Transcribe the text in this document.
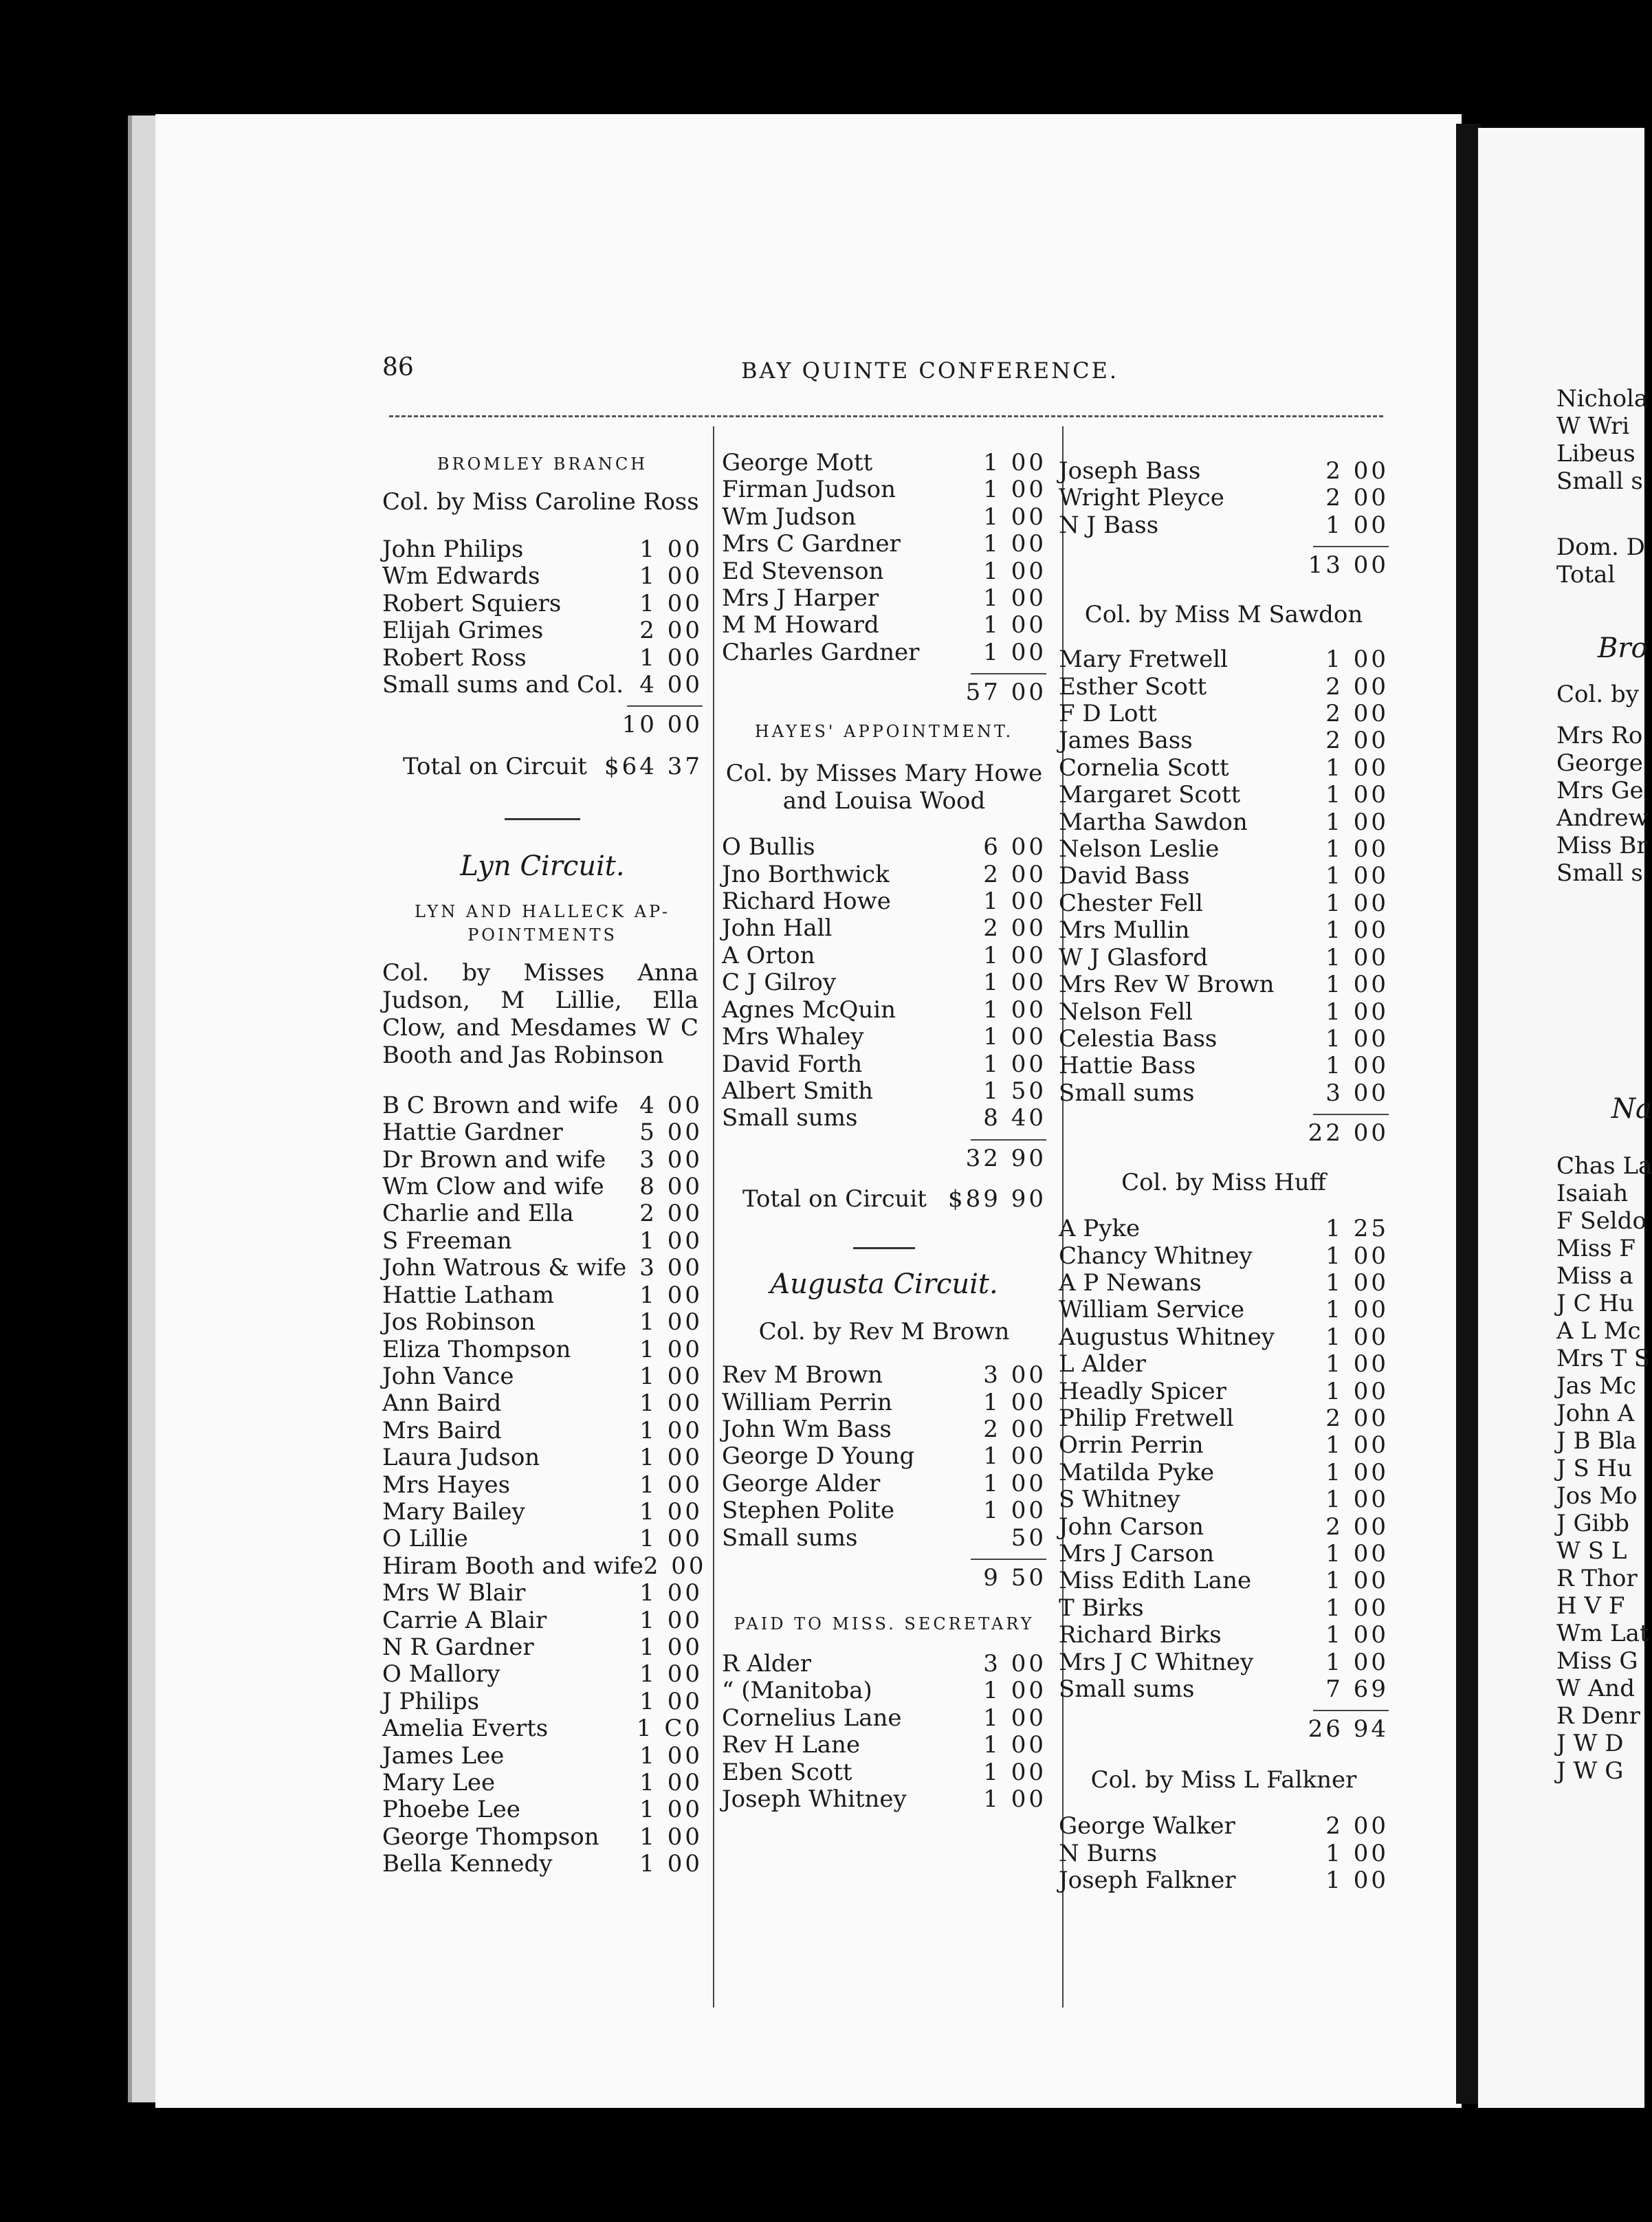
86	BAY QUINTE CONFERENCE.
BROMLEY BRANCH
Col. by Miss Caroline Ross
John Philips	1 00
Wm Edwards	1 00
Robert Squiers	1 00
Elijah Grimes	2 00
Robert Ross	1 00
Small sums and Col. 4 00
10 00
Total on Circuit $64 37
Lyn Circuit.
LYN AND HALLECK AP-
POINTMENTS
Col. by Misses Anna Judson, M Lillie, Ella Clow, and Mesdames W C Booth and Jas Robinson
B C Brown and wife 4 00
Hattie Gardner	5 00
Dr Brown and wife 3 00
Wm Clow and wife 8 00
Charlie and Ella	2 00
S Freeman	1 00
John Watrous & wife 3 00
Hattie Latham	1 00
Jos Robinson	1 00
Eliza Thompson	1 00
John Vance	1 00
Ann Baird	1 00
Mrs Baird	1 00
Laura Judson	1 00
Mrs Hayes	1 00
Mary Bailey	1 00
O Lillie	1 00
Hiram Booth and wife 2 00
Mrs W Blair	1 00
Carrie A Blair	1 00
N R Gardner	1 00
O Mallory	1 00
J Philips	1 00
Amelia Everts	1 C0
James Lee	1 00
Mary Lee	1 00
Phoebe Lee	1 00
George Thompson 1 00
Bella Kennedy	1 00
George Mott	1 00
Firman Judson	1 00
Wm Judson	1 00
Mrs C Gardner	1 00
Ed Stevenson	1 00
Mrs J Harper	1 00
M M Howard	1 00
Charles Gardner	1 00
57 00
HAYES' APPOINTMENT.
Col. by Misses Mary Howe and Louisa Wood
O Bullis	6 00
Jno Borthwick	2 00
Richard Howe	1 00
John Hall	2 00
A Orton	1 00
C J Gilroy	1 00
Agnes McQuin	1 00
Mrs Whaley	1 00
David Forth	1 00
Albert Smith	1 50
Small sums	8 40
32 90
Total on Circuit $89 90
Augusta Circuit.
Col. by Rev M Brown
Rev M Brown	3 00
William Perrin	1 00
John Wm Bass	2 00
George D Young	1 00
George Alder	1 00
Stephen Polite	1 00
Small sums	50
9 50
PAID TO MISS. SECRETARY
R Alder	3 00
“ (Manitoba)	1 00
Cornelius Lane	1 00
Rev H Lane	1 00
Eben Scott	1 00
Joseph Whitney	1 00
Joseph Bass	2 00
Wright Pleyce	2 00
N J Bass	1 00
13 00
Col. by Miss M Sawdon
Mary Fretwell	1 00
Esther Scott	2 00
F D Lott	2 00
James Bass	2 00
Cornelia Scott	1 00
Margaret Scott	1 00
Martha Sawdon	1 00
Nelson Leslie	1 00
David Bass	1 00
Chester Fell	1 00
Mrs Mullin	1 00
W J Glasford	1 00
Mrs Rev W Brown 1 00
Nelson Fell	1 00
Celestia Bass	1 00
Hattie Bass	1 00
Small sums	3 00
22 00
Col. by Miss Huff
A Pyke	1 25
Chancy Whitney	1 00
A P Newans	1 00
William Service	1 00
Augustus Whitney 1 00
L Alder	1 00
Headly Spicer	1 00
Philip Fretwell	2 00
Orrin Perrin	1 00
Matilda Pyke	1 00
S Whitney	1 00
John Carson	2 00
Mrs J Carson	1 00
Miss Edith Lane	1 00
T Birks	1 00
Richard Birks	1 00
Mrs J C Whitney	1 00
Small sums	7 69
26 94
Col. by Miss L Falkner
George Walker	2 00
N Burns	1 00
Joseph Falkner	1 00
Nichola
W Wri
Libeus
Small s
Dom. D
Total
Bro
Col. by
Mrs Ro
George
Mrs Ge
Andrew
Miss Br
Small s
Na
Chas La
Isaiah
F Seldo
Miss F
Miss a
J C Hu
A L Mc
Mrs T S
Jas Mc
John A
J B Bla
J S Hu
Jos Mo
J Gibb
W S L
R Thor
H V F
Wm Lat
Miss G
W And
R Denr
J W D
J W G
